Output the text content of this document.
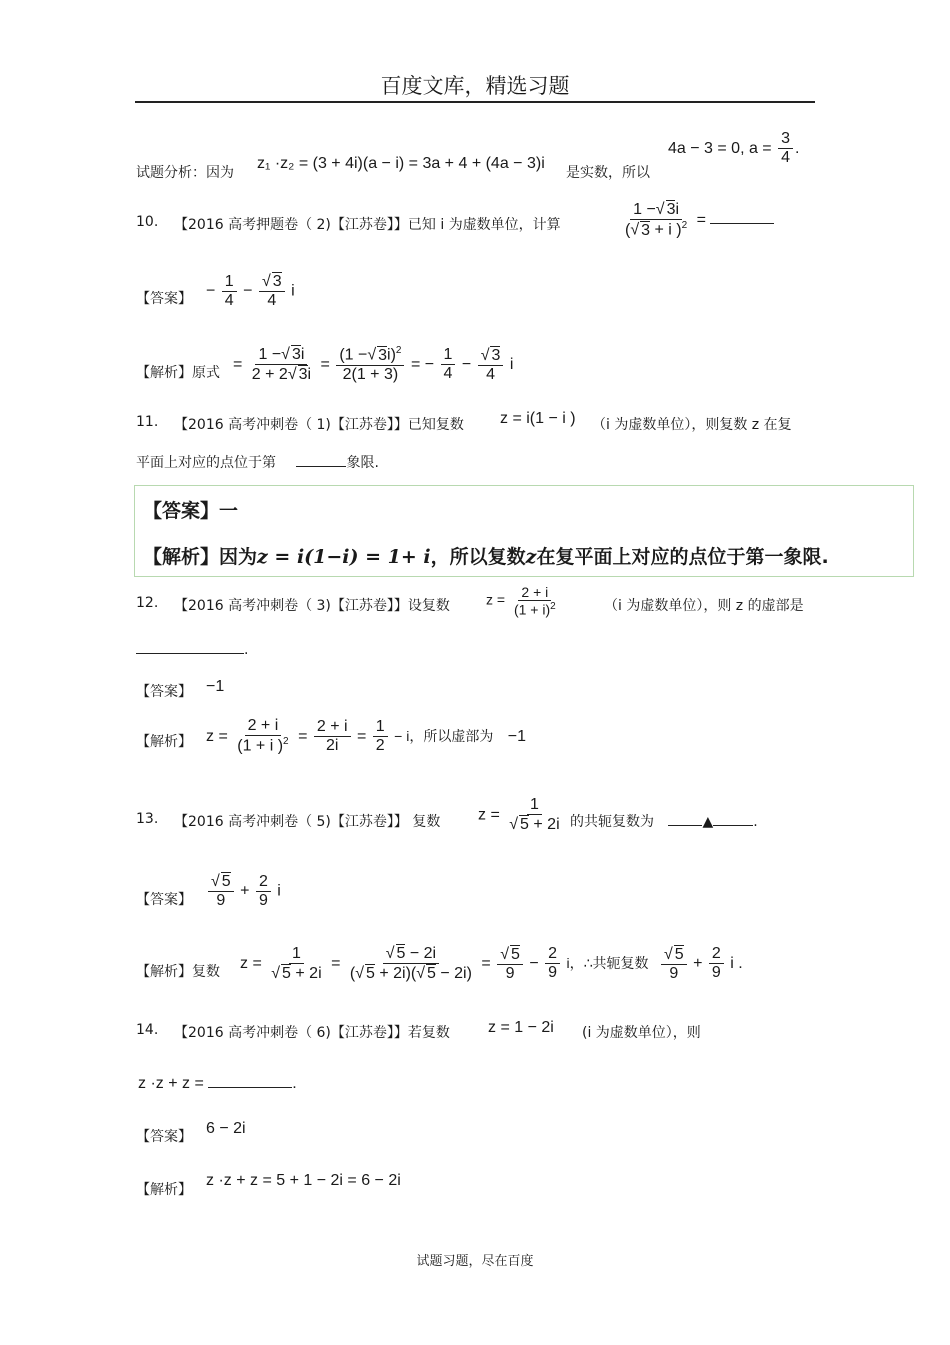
百度文库，精选习题
试题分析：因为
z₁ ·z₂ = (3 + 4i)(a − i) = 3a + 4 + (4a − 3)i
是实数，所以
4a − 3 = 0, $a = \frac{3}{4}$ .
10. 【2016 高考押题卷（ 2)【江苏卷】】已知 i 为虚数单位，计算	$\frac{1 -√ 3i}{(√ 3 + i )^2}$ =
【答案】 − $\frac{1}{4} - \frac{√ 3}{4}$ i
【解析】原式 = $\frac{1 -√ 3i}{2 + 2√ 3i} = \frac{(1 -√ 3i)^2}{2(1 + 3)}$ = − $\frac{1}{4} - \frac{√ 3}{4}$ i
11. 【2016 高考冲刺卷（ 1)【江苏卷】】已知复数 z = i(1 − i ) （i 为虚数单位），则复数 z 在复
平面上对应的点位于第	象限.
【答案】一
【解析】因为z = i(1−i) = 1+ i，所以复数z在复平面上对应的点位于第一象限.
12. 【2016 高考冲刺卷（ 3)【江苏卷】】设复数	$z = \frac{2 + i}{(1 + i)^2}$	（i 为虚数单位），则 z 的虚部是
.
【答案】 −1
【解析】 $z = \frac{2 + i}{(1 + i )^2} = \frac{2 + i}{2i} = \frac{1}{2} - i$，所以虚部为 −1
13. 【2016 高考冲刺卷（ 5)【江苏卷】】 复数 $z = \frac{1}{√ 5 + 2i}$ 的共轭复数为	▲	.
【答案】 $\frac{√ 5}{9} + \frac{2}{9}$ i
【解析】复数 $z = \frac{1}{√ 5 + 2i} = \frac{√ 5 - 2i}{(√ 5 + 2i)(√ 5 - 2i)} = \frac{√ 5}{9} - \frac{2}{9}$ i，∴共轭复数 $\frac{√ 5}{9} + \frac{2}{9}$ i .
14. 【2016 高考冲刺卷（ 6)【江苏卷】】若复数 z = 1 − 2i (i 为虚数单位），则
z ·z + z =	.
【答案】 6 − 2i
【解析】
z ·z + z = 5 + 1 − 2i = 6 − 2i
试题习题，尽在百度
